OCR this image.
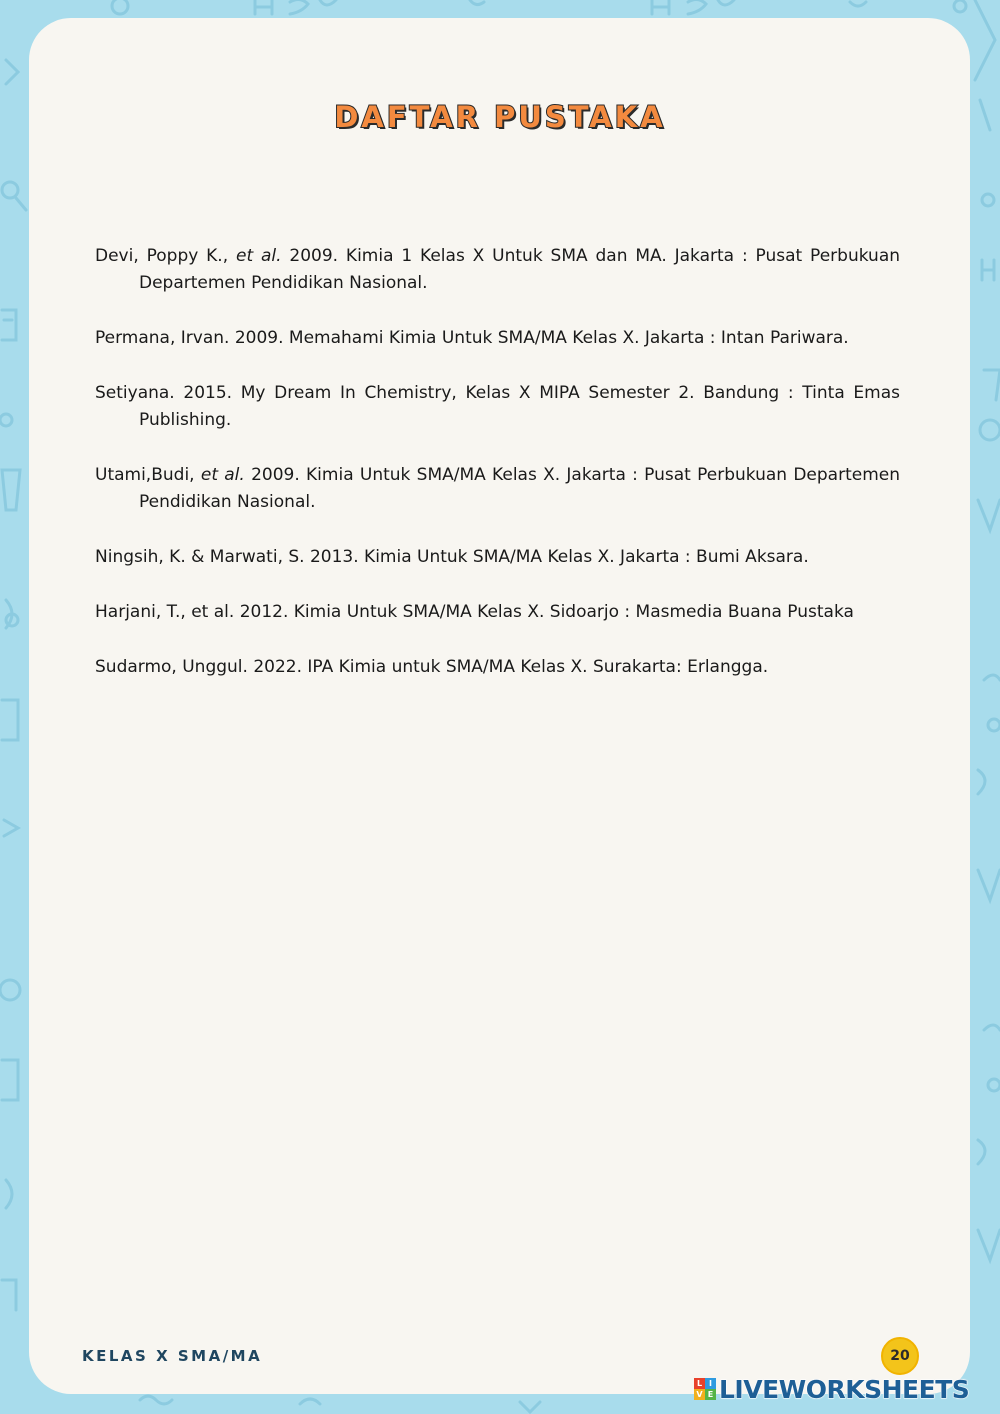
DAFTAR PUSTAKA
Devi, Poppy K., et al. 2009. Kimia 1 Kelas X Untuk SMA dan MA. Jakarta : Pusat Perbukuan Departemen Pendidikan Nasional.
Permana, Irvan. 2009. Memahami Kimia Untuk SMA/MA Kelas X. Jakarta : Intan Pariwara.
Setiyana. 2015. My Dream In Chemistry, Kelas X MIPA Semester 2. Bandung : Tinta Emas Publishing.
Utami,Budi, et al. 2009. Kimia Untuk SMA/MA Kelas X. Jakarta : Pusat Perbukuan Departemen Pendidikan Nasional.
Ningsih, K. & Marwati, S. 2013. Kimia Untuk SMA/MA Kelas X. Jakarta : Bumi Aksara.
Harjani, T., et al. 2012. Kimia Untuk SMA/MA Kelas X. Sidoarjo : Masmedia Buana Pustaka
Sudarmo, Unggul. 2022. IPA Kimia untuk SMA/MA Kelas X. Surakarta: Erlangga.
KELAS X SMA/MA	20
L I
V E LIVEWORKSHEETS
